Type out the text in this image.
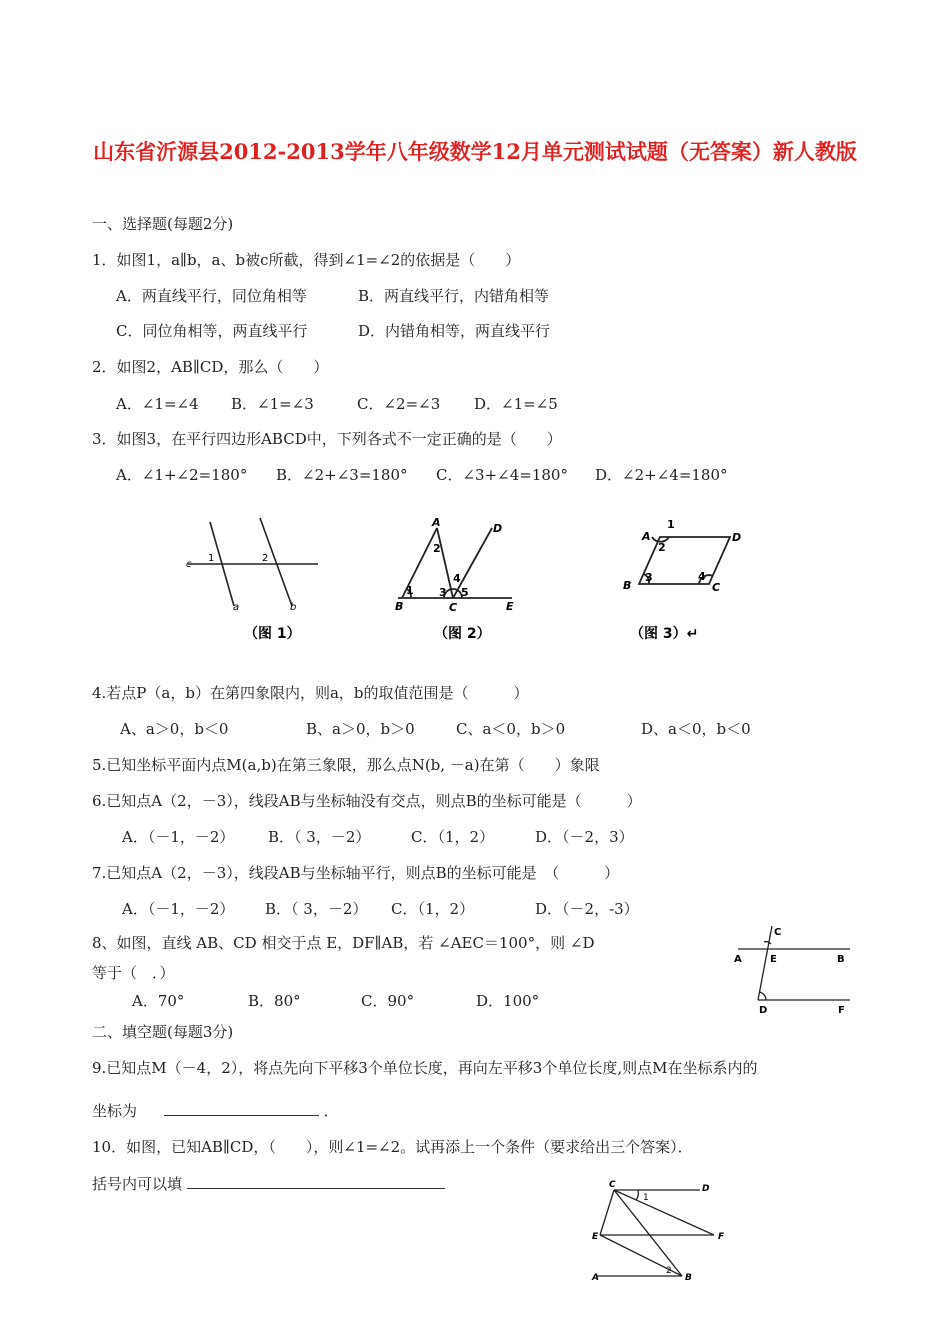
山东省沂源县2012-2013学年八年级数学12月单元测试试题（无答案）新人教版
一、选择题(每题2分)
1．如图1，a∥b，a、b被c所截，得到∠1=∠2的依据是（　　）
A．两直线平行，同位角相等	B．两直线平行，内错角相等
C．同位角相等，两直线平行	D．内错角相等，两直线平行
2．如图2，AB∥CD，那么（　　）
A．∠1=∠4 B．∠1=∠3	C．∠2=∠3 D．∠1=∠5
3．如图3，在平行四边形ABCD中，下列各式不一定正确的是（　　）
A．∠1+∠2=180° B．∠2+∠3=180° C．∠3+∠4=180° D．∠2+∠4=180°
c
1	2
a	b
（图 1）
A	D
2
1 3
4
5
B	C	E
（图 2）
A
1
2
D
B
3	4
C
（图 3）↵
4.若点P（a，b）在第四象限内，则a，b的取值范围是（　　　）
A、a＞0，b＜0	B、a＞0，b＞0	C、a＜0，b＞0	D、a＜0，b＜0
5.已知坐标平面内点M(a,b)在第三象限，那么点N(b, －a)在第（　　）象限
6.已知点A（2，－3），线段AB与坐标轴没有交点，则点B的坐标可能是（　　　）
A．（－1，－2） B．（ 3，－2）	C．（1，2）	D．（－2，3）
7.已知点A（2，－3），线段AB与坐标轴平行，则点B的坐标可能是　（　　　）
A．（－1，－2） B．（ 3，－2） C．（1，2）	D．（－2，-3）
8、如图，直线 AB、CD 相交于点 E，DF∥AB，若 ∠AEC＝100°，则 ∠D
等于（　．）
A．70°	B．80°	C．90°	D．100°
C
A	E	B
D	F
二、填空题(每题3分)
9.已知点M（－4，2），将点先向下平移3个单位长度，再向左平移3个单位长度,则点M在坐标系内的
坐标为	．
10．如图，已知AB∥CD，（　　），则∠1=∠2。试再添上一个条件（要求给出三个答案）．
括号内可以填	C
1
D
E	F
A
2
B
